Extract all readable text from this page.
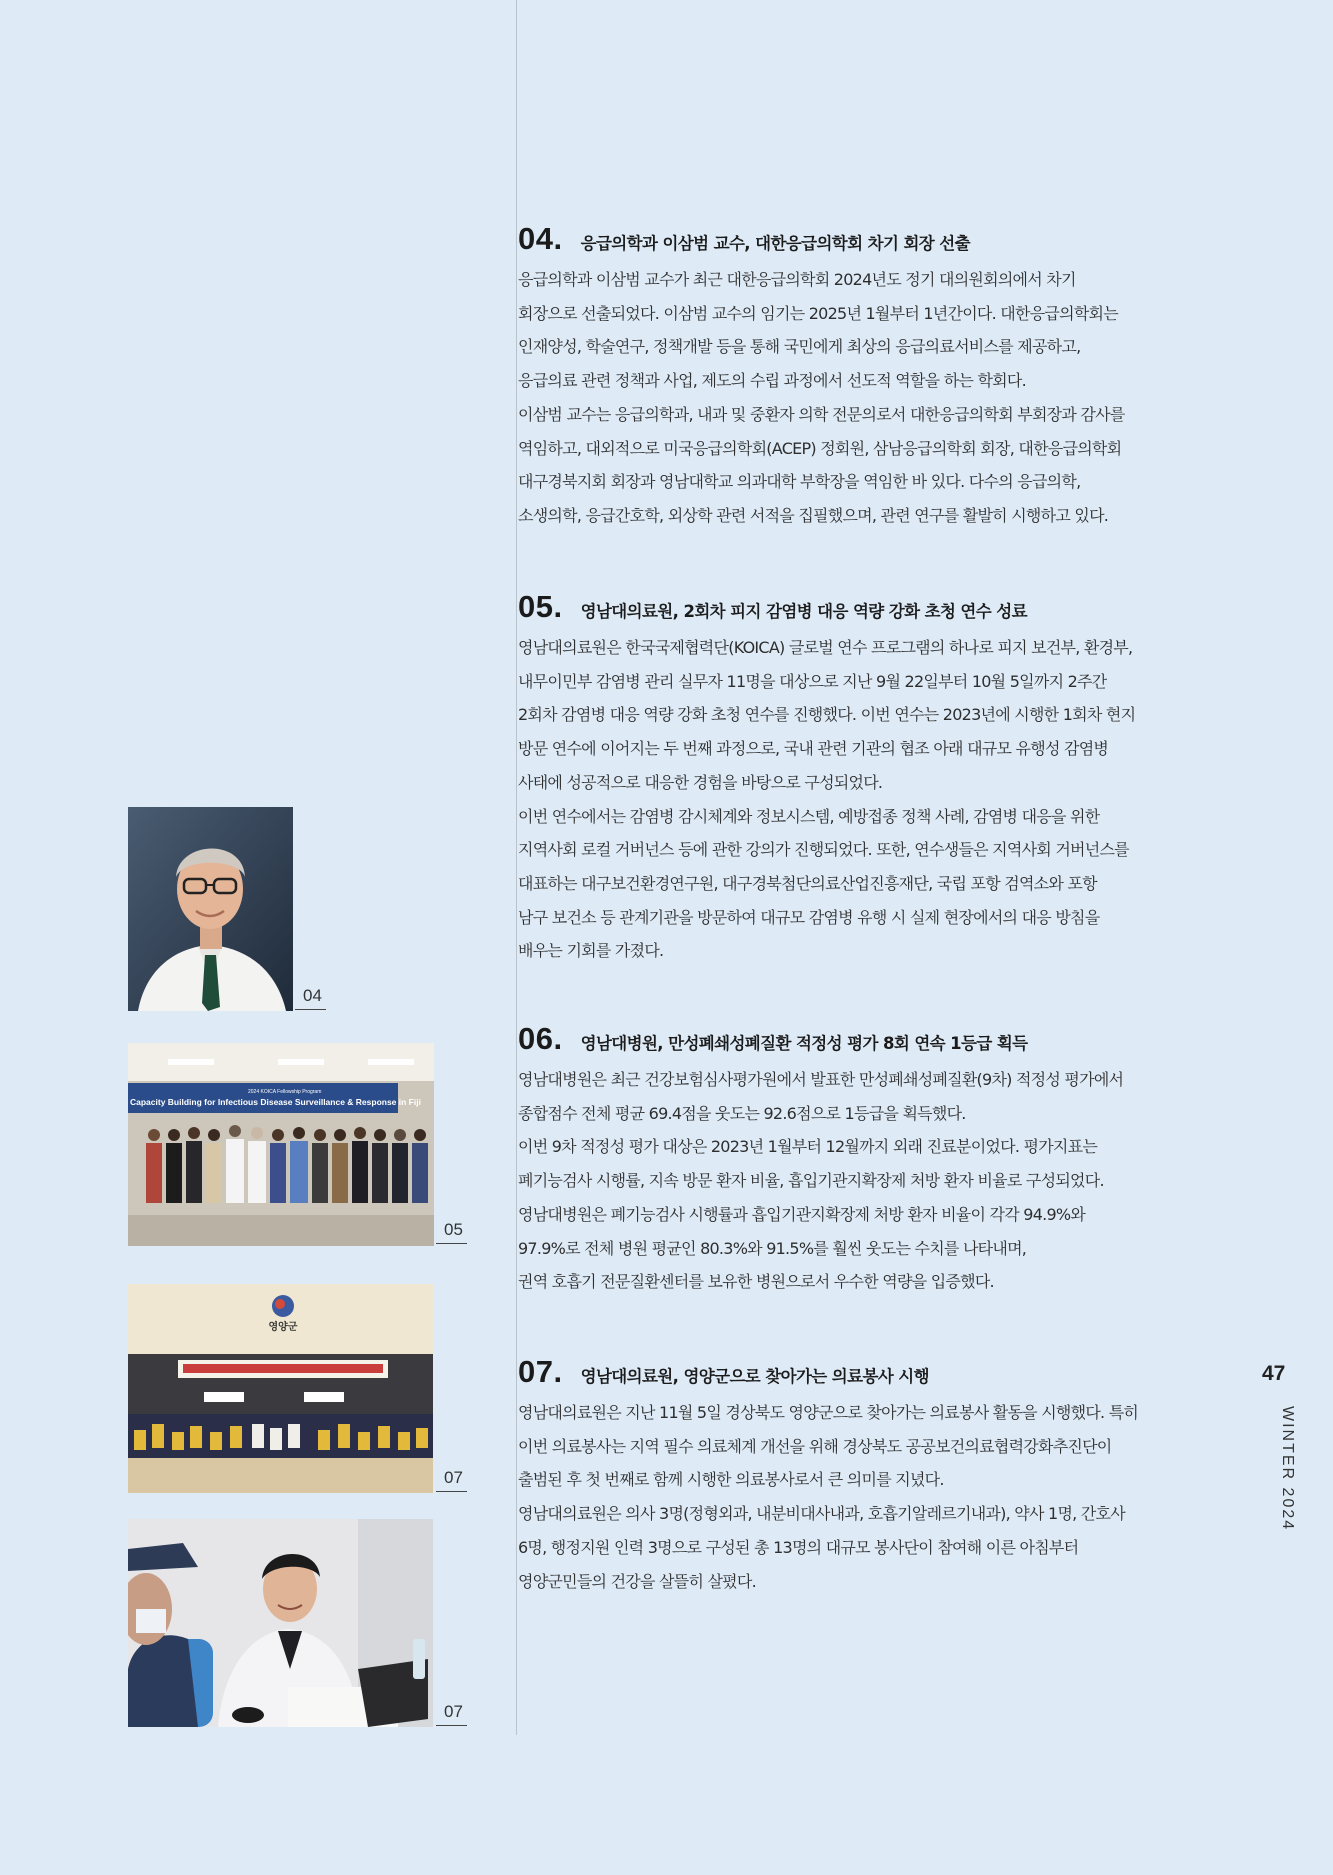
04. 응급의학과 이삼범 교수, 대한응급의학회 차기 회장 선출

응급의학과 이삼범 교수가 최근 대한응급의학회 2024년도 정기 대의원회의에서 차기

회장으로 선출되었다. 이삼범 교수의 임기는 2025년 1월부터 1년간이다. 대한응급의학회는

인재양성, 학술연구, 정책개발 등을 통해 국민에게 최상의 응급의료서비스를 제공하고,

응급의료 관련 정책과 사업, 제도의 수립 과정에서 선도적 역할을 하는 학회다.

이삼범 교수는 응급의학과, 내과 및 중환자 의학 전문의로서 대한응급의학회 부회장과 감사를

역임하고, 대외적으로 미국응급의학회(ACEP) 정회원, 삼남응급의학회 회장, 대한응급의학회

대구경북지회 회장과 영남대학교 의과대학 부학장을 역임한 바 있다. 다수의 응급의학,

소생의학, 응급간호학, 외상학 관련 서적을 집필했으며, 관련 연구를 활발히 시행하고 있다.

05. 영남대의료원, 2회차 피지 감염병 대응 역량 강화 초청 연수 성료

영남대의료원은 한국국제협력단(KOICA) 글로벌 연수 프로그램의 하나로 피지 보건부, 환경부,

내무이민부 감염병 관리 실무자 11명을 대상으로 지난 9월 22일부터 10월 5일까지 2주간

2회차 감염병 대응 역량 강화 초청 연수를 진행했다. 이번 연수는 2023년에 시행한 1회차 현지

방문 연수에 이어지는 두 번째 과정으로, 국내 관련 기관의 협조 아래 대규모 유행성 감염병

사태에 성공적으로 대응한 경험을 바탕으로 구성되었다.

이번 연수에서는 감염병 감시체계와 정보시스템, 예방접종 정책 사례, 감염병 대응을 위한

지역사회 로컬 거버넌스 등에 관한 강의가 진행되었다. 또한, 연수생들은 지역사회 거버넌스를

대표하는 대구보건환경연구원, 대구경북첨단의료산업진흥재단, 국립 포항 검역소와 포항

남구 보건소 등 관계기관을 방문하여 대규모 감염병 유행 시 실제 현장에서의 대응 방침을

배우는 기회를 가졌다.

06. 영남대병원, 만성폐쇄성폐질환 적정성 평가 8회 연속 1등급 획득

영남대병원은 최근 건강보험심사평가원에서 발표한 만성폐쇄성폐질환(9차) 적정성 평가에서

종합점수 전체 평균 69.4점을 웃도는 92.6점으로 1등급을 획득했다.

이번 9차 적정성 평가 대상은 2023년 1월부터 12월까지 외래 진료분이었다. 평가지표는

폐기능검사 시행률, 지속 방문 환자 비율, 흡입기관지확장제 처방 환자 비율로 구성되었다.

영남대병원은 폐기능검사 시행률과 흡입기관지확장제 처방 환자 비율이 각각 94.9%와

97.9%로 전체 병원 평균인 80.3%와 91.5%를 훨씬 웃도는 수치를 나타내며,

권역 호흡기 전문질환센터를 보유한 병원으로서 우수한 역량을 입증했다.

07. 영남대의료원, 영양군으로 찾아가는 의료봉사 시행

영남대의료원은 지난 11월 5일 경상북도 영양군으로 찾아가는 의료봉사 활동을 시행했다. 특히

이번 의료봉사는 지역 필수 의료체계 개선을 위해 경상북도 공공보건의료협력강화추진단이

출범된 후 첫 번째로 함께 시행한 의료봉사로서 큰 의미를 지녔다.

영남대의료원은 의사 3명(정형외과, 내분비대사내과, 호흡기알레르기내과), 약사 1명, 간호사

6명, 행정지원 인력 3명으로 구성된 총 13명의 대규모 봉사단이 참여해 이른 아침부터

영양군민들의 건강을 살뜰히 살폈다.

04
2024 KOICA Fellowship Program
Capacity Building for Infectious Disease Surveillance & Response in Fiji
05
영양군
07
07
47
WINTER 2024
